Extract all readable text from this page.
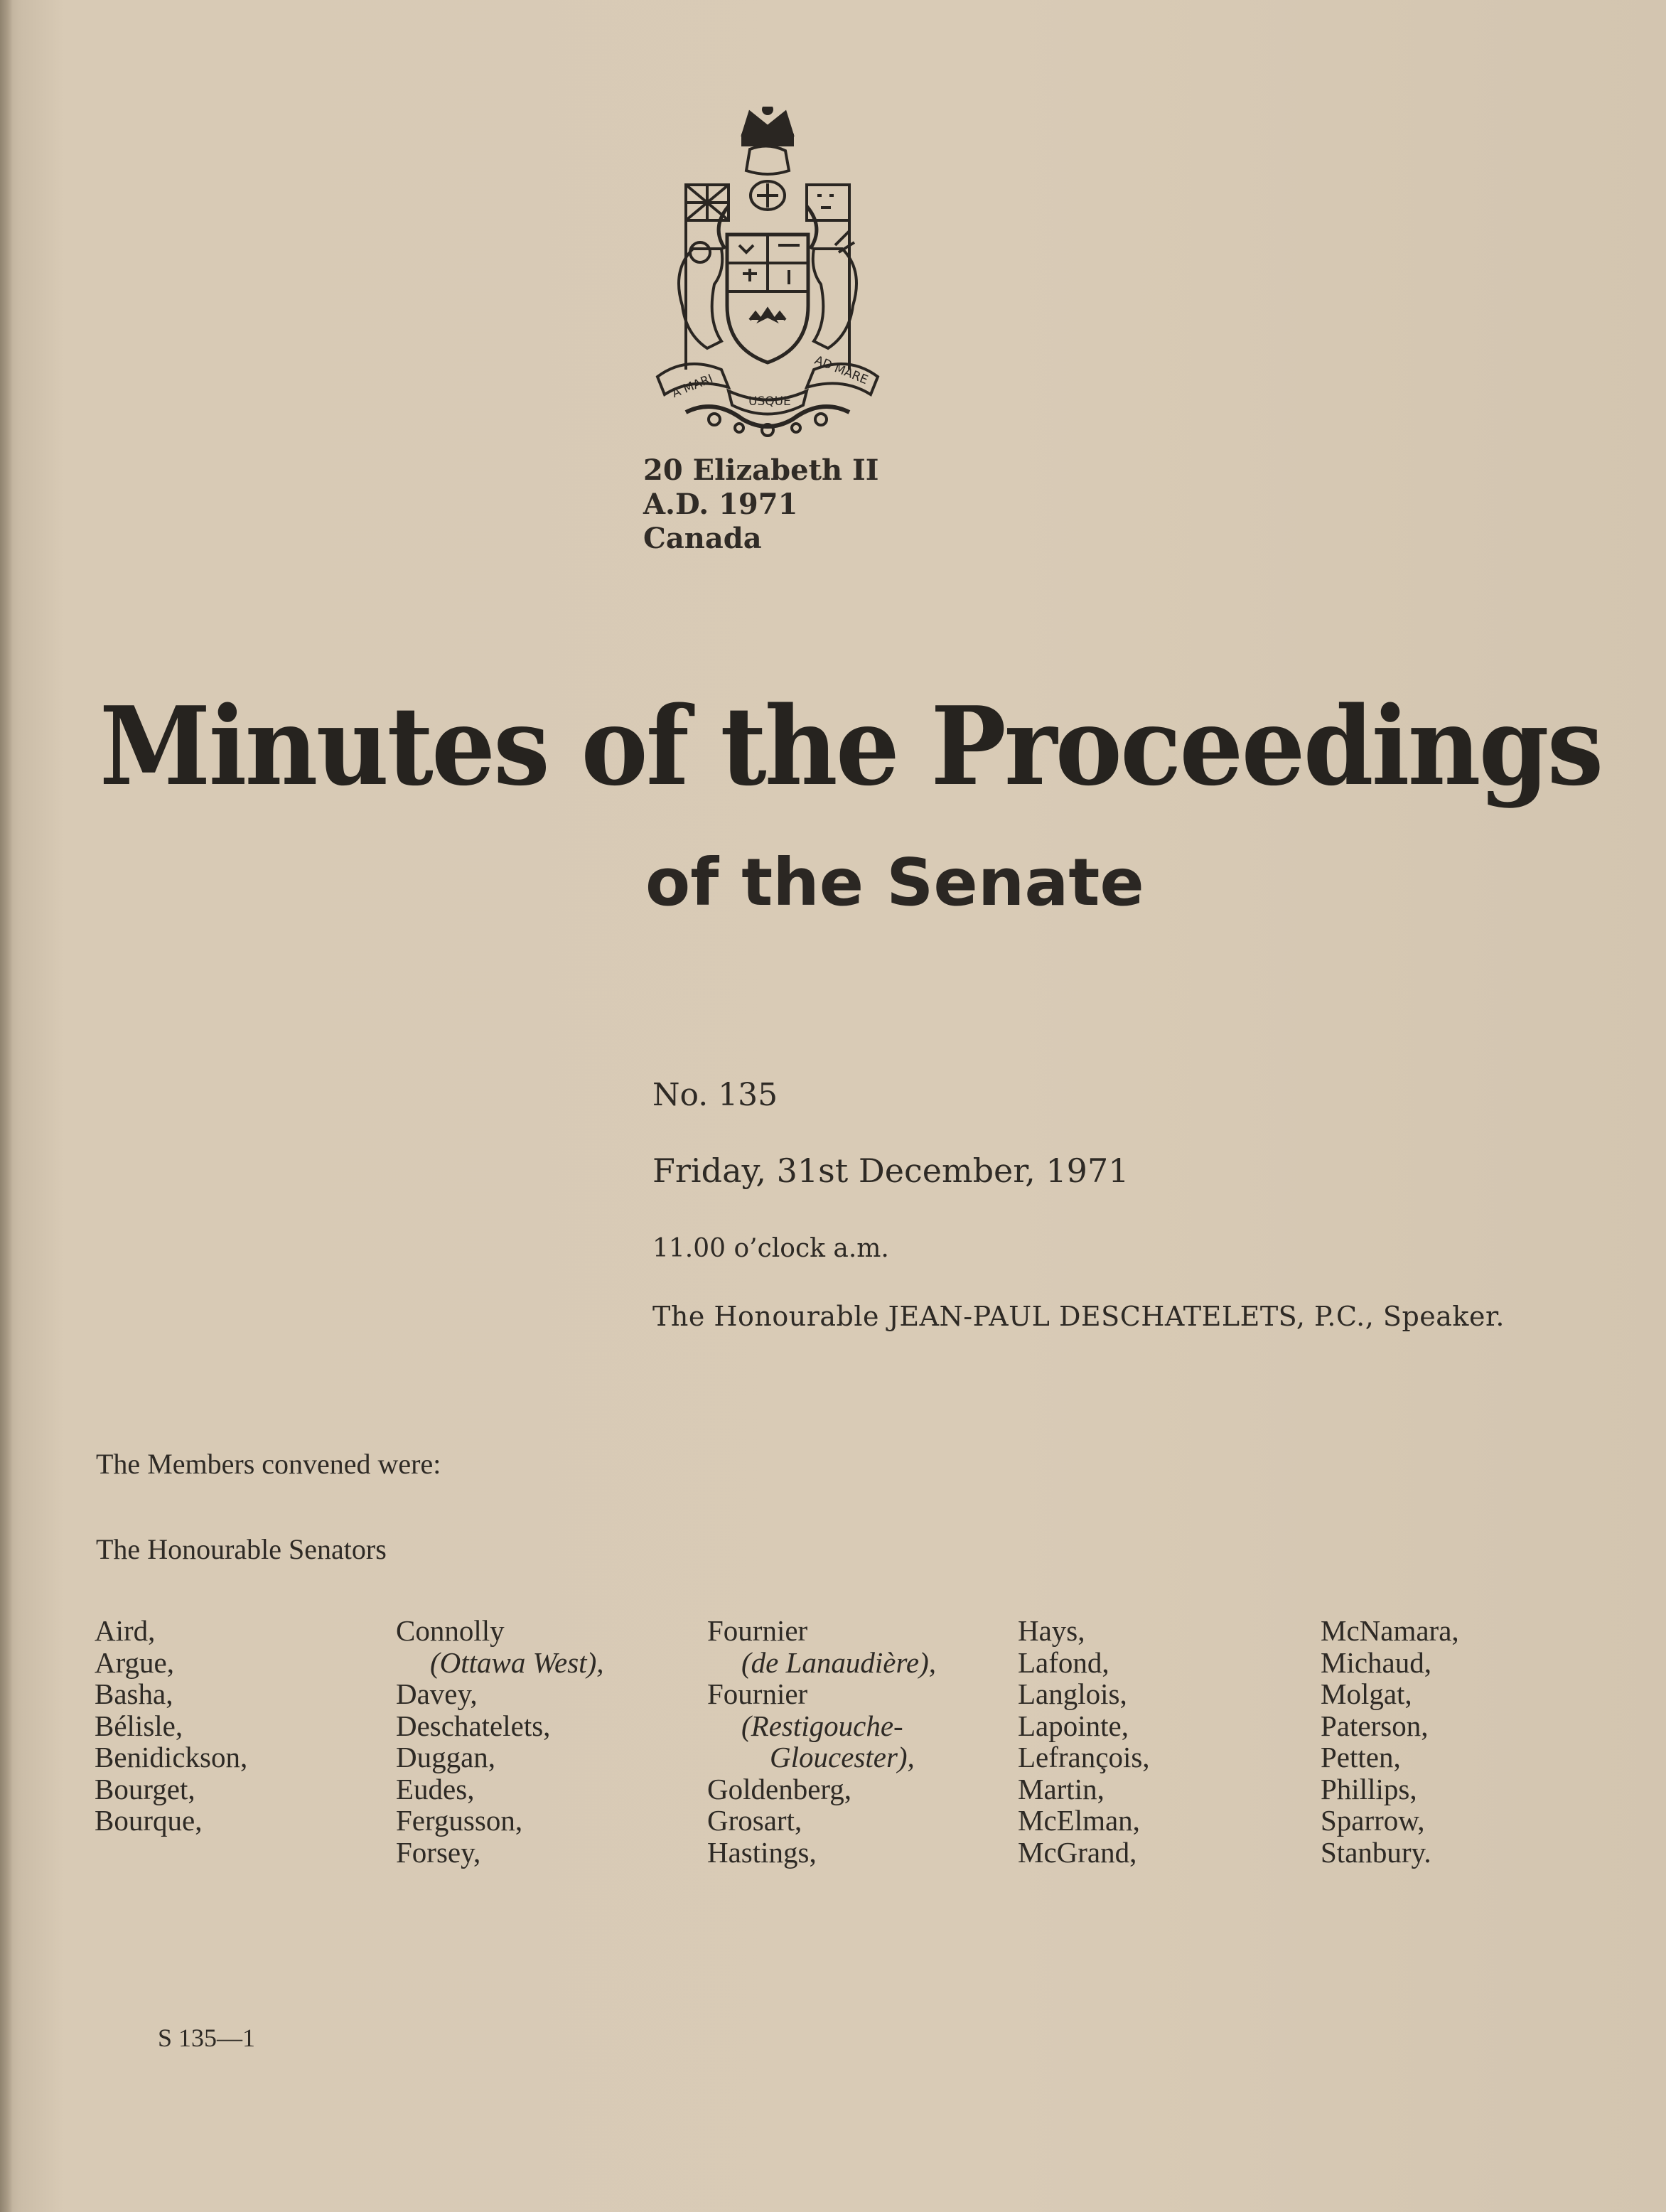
A MARI	AD MARE
USQUE
20 Elizabeth II
A.D. 1971
Canada
Minutes of the Proceedings
of the Senate
No. 135
Friday, 31st December, 1971
11.00 o’clock a.m.
The Honourable JEAN-PAUL DESCHATELETS, P.C., Speaker.
The Members convened were:
The Honourable Senators
Aird,
Argue,
Basha,
Bélisle,
Benidickson,
Bourget,
Bourque,
Connolly
(Ottawa West),
Davey,
Deschatelets,
Duggan,
Eudes,
Fergusson,
Forsey,
Fournier
(de Lanaudière),
Fournier
(Restigouche-
Gloucester),
Goldenberg,
Grosart,
Hastings,
Hays,
Lafond,
Langlois,
Lapointe,
Lefrançois,
Martin,
McElman,
McGrand,
McNamara,
Michaud,
Molgat,
Paterson,
Petten,
Phillips,
Sparrow,
Stanbury.
S 135—1
